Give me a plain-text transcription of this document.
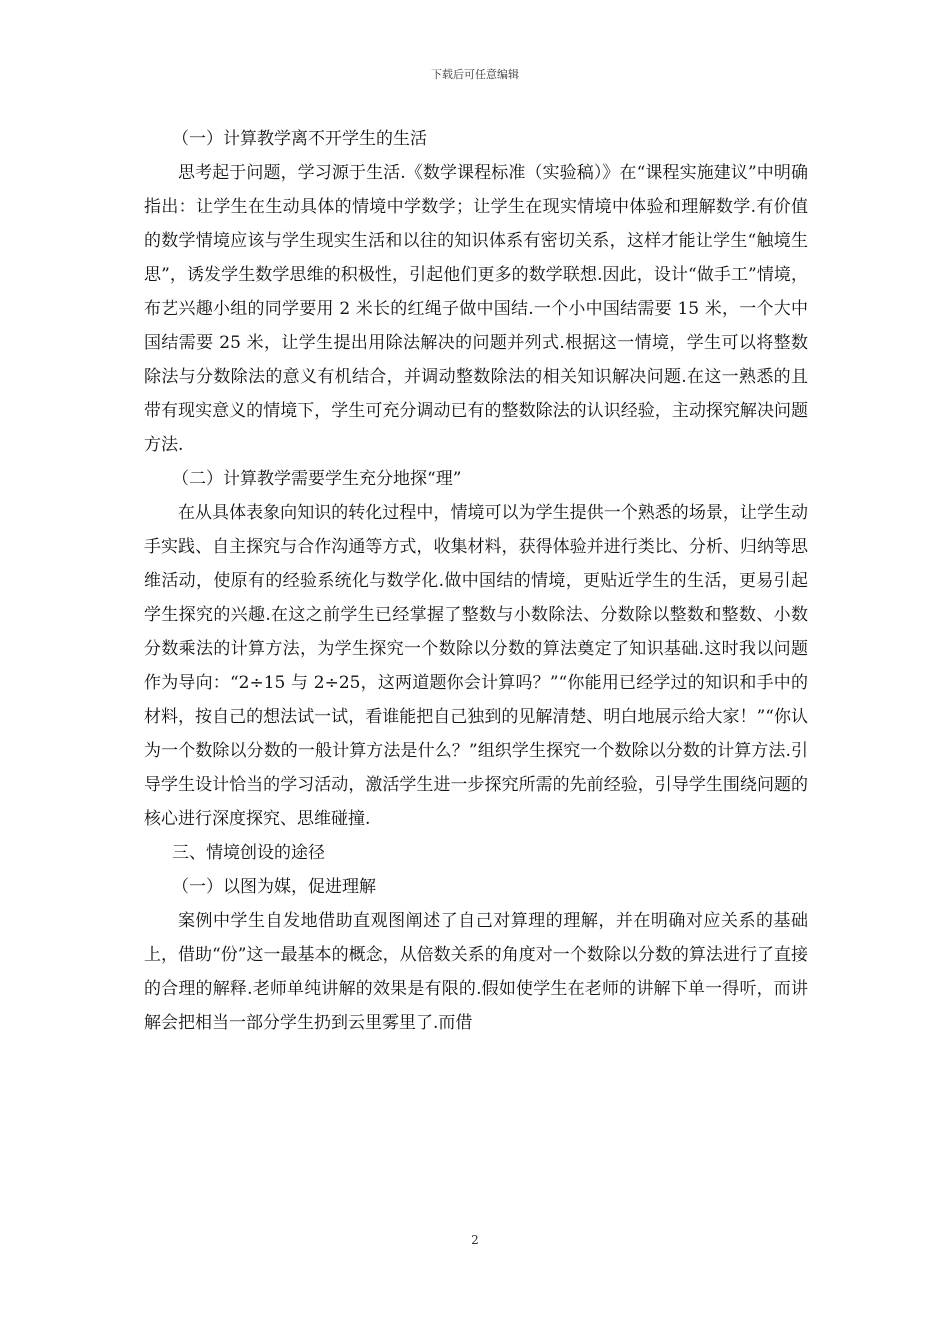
下载后可任意编辑

（一）计算教学离不开学生的生活

思考起于问题，学习源于生活.《数学课程标准（实验稿）》在“课程实施建议”中明确指出：让学生在生动具体的情境中学数学；让学生在现实情境中体验和理解数学.有价值的数学情境应该与学生现实生活和以往的知识体系有密切关系，这样才能让学生“触境生思”，诱发学生数学思维的积极性，引起他们更多的数学联想.因此，设计“做手工”情境，布艺兴趣小组的同学要用 2 米长的红绳子做中国结.一个小中国结需要 15 米，一个大中国结需要 25 米，让学生提出用除法解决的问题并列式.根据这一情境，学生可以将整数除法与分数除法的意义有机结合，并调动整数除法的相关知识解决问题.在这一熟悉的且带有现实意义的情境下，学生可充分调动已有的整数除法的认识经验，主动探究解决问题方法.

（二）计算教学需要学生充分地探“理”

在从具体表象向知识的转化过程中，情境可以为学生提供一个熟悉的场景，让学生动手实践、自主探究与合作沟通等方式，收集材料，获得体验并进行类比、分析、归纳等思维活动，使原有的经验系统化与数学化.做中国结的情境，更贴近学生的生活，更易引起学生探究的兴趣.在这之前学生已经掌握了整数与小数除法、分数除以整数和整数、小数分数乘法的计算方法，为学生探究一个数除以分数的算法奠定了知识基础.这时我以问题作为导向：“2÷15 与 2÷25，这两道题你会计算吗？”“你能用已经学过的知识和手中的材料，按自己的想法试一试，看谁能把自己独到的见解清楚、明白地展示给大家！”“你认为一个数除以分数的一般计算方法是什么？”组织学生探究一个数除以分数的计算方法.引导学生设计恰当的学习活动，激活学生进一步探究所需的先前经验，引导学生围绕问题的核心进行深度探究、思维碰撞.

三、情境创设的途径

（一）以图为媒，促进理解

案例中学生自发地借助直观图阐述了自己对算理的理解，并在明确对应关系的基础上，借助“份”这一最基本的概念，从倍数关系的角度对一个数除以分数的算法进行了直接的合理的解释.老师单纯讲解的效果是有限的.假如使学生在老师的讲解下单一得听，而讲解会把相当一部分学生扔到云里雾里了.而借

2
